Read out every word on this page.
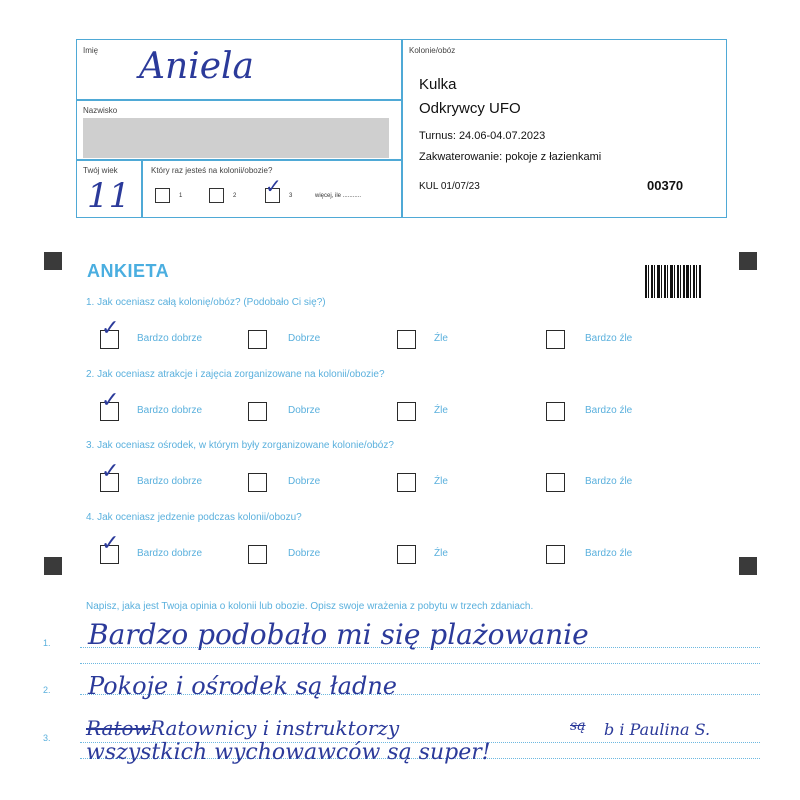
Imię Aniela
Nazwisko
Twój wiek
11
Który raz jesteś na kolonii/obozie?
1	2 ✓ 3	więcej, ile ...........
Kolonie/obóz
Kulka
Odkrywcy UFO
Turnus: 24.06-04.07.2023
Zakwaterowanie: pokoje z łazienkami
KUL 01/07/23	00370
ANKIETA
1. Jak oceniasz całą kolonię/obóz? (Podobało Ci się?)
Bardzo dobrze
✓	Dobrze	Źle	Bardzo źle
2. Jak oceniasz atrakcje i zajęcia zorganizowane na kolonii/obozie?
Bardzo dobrze
✓	Dobrze	Źle	Bardzo źle
3. Jak oceniasz ośrodek, w którym były zorganizowane kolonie/obóz?
Bardzo dobrze
✓	Dobrze	Źle	Bardzo źle
4. Jak oceniasz jedzenie podczas kolonii/obozu?
Bardzo dobrze
✓	Dobrze	Źle	Bardzo źle
Napisz, jaka jest Twoja opinia o kolonii lub obozie. Opisz swoje wrażenia z pobytu w trzech zdaniach.
1.
2.
3.
Bardzo podobało mi się plażowanie
Pokoje i ośrodek są ładne
Ratow Ratownicy i instruktorzy	są b i Paulina S.
wszystkich wychowawców są super!
